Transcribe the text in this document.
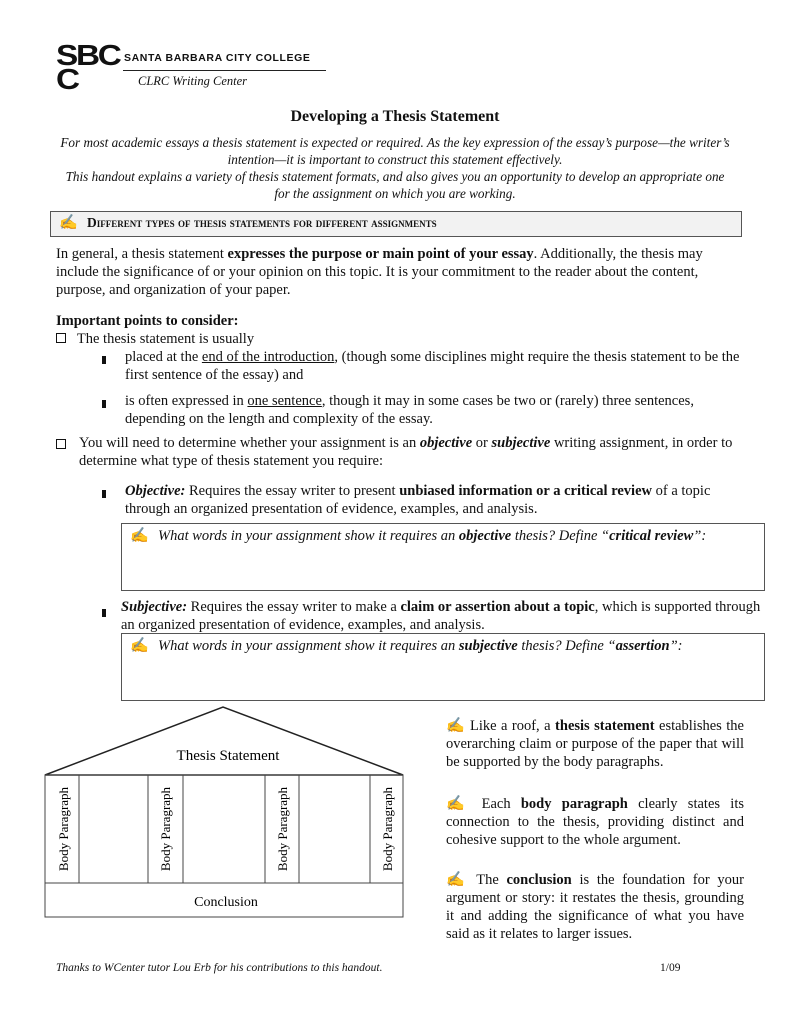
SBCC
SANTA BARBARA CITY COLLEGE
CLRC Writing Center
Developing a Thesis Statement

For most academic essays a thesis statement is expected or required. As the key expression of the essay’s purpose—the writer’s intention—it is important to construct this statement effectively.

This handout explains a variety of thesis statement formats, and also gives you an opportunity to develop an appropriate one for the assignment on which you are working.

✍ Different types of thesis statements for different assignments

In general, a thesis statement expresses the purpose or main point of your essay. Additionally, the thesis may include the significance of or your opinion on this topic. It is your commitment to the reader about the content, purpose, and organization of your paper.

Important points to consider:

The thesis statement is usually

placed at the end of the introduction, (though some disciplines might require the thesis statement to be the first sentence of the essay) and

is often expressed in one sentence, though it may in some cases be two or (rarely) three sentences, depending on the length and complexity of the essay.

You will need to determine whether your assignment is an objective or subjective writing assignment, in order to determine what type of thesis statement you require:

Objective: Requires the essay writer to present unbiased information or a critical review of a topic through an organized presentation of evidence, examples, and analysis.

✍ What words in your assignment show it requires an objective thesis? Define “critical review”:

Subjective: Requires the essay writer to make a claim or assertion about a topic, which is supported through an organized presentation of evidence, examples, and analysis.

✍ What words in your assignment show it requires an subjective thesis? Define “assertion”:
Thesis Statement
Body Paragraph	Body Paragraph	Body Paragraph	Body Paragraph
Conclusion

✍ Like a roof, a thesis statement establishes the overarching claim or purpose of the paper that will be supported by the body paragraphs.

✍ Each body paragraph clearly states its connection to the thesis, providing distinct and cohesive support to the whole argument.

✍ The conclusion is the foundation for your argument or story: it restates the thesis, grounding it and adding the significance of what you have said as it relates to larger issues.

Thanks to WCenter tutor Lou Erb for his contributions to this handout.	1/09
